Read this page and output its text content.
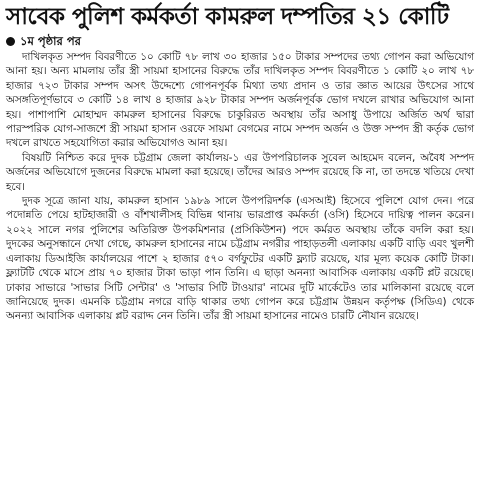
সাবেক পুলিশ কর্মকর্তা কামরুল দম্পতির ২১ কোটি
১ম পৃষ্ঠার পর

দাখিলকৃত সম্পদ বিবরণীতে ১০ কোটি ৭৮ লাখ ৩০ হাজার ১৫০ টাকার সম্পদের তথ্য গোপন করা অভিযোগ আনা হয়। অন্য মামলায় তাঁর স্ত্রী সায়মা হাসানের বিরুদ্ধে তাঁর দাখিলকৃত সম্পদ বিবরণীতে ১ কোটি ২০ লাখ ৭৮ হাজার ৭২৩ টাকার সম্পদ অসৎ উদ্দেশ্যে গোপনপূর্বক মিথ্যা তথ্য প্রদান ও তার জ্ঞাত আয়ের উৎসের সাথে অসঙ্গতিপূর্ণভাবে ৩ কোটি ১৪ লাখ ৪ হাজার ৯২৮ টাকার সম্পদ অর্জনপূর্বক ভোগ দখলে রাখার অভিযোগ আনা হয়। পাশাপাশি মোহাম্মদ কামরুল হাসানের বিরুদ্ধে চাকুরিরত অবস্থায় তাঁর অসাধু উপায়ে অর্জিত অর্থ দ্বারা পারস্পরিক যোগ-সাজশে স্ত্রী সায়মা হাসান ওরফে সায়মা বেগমের নামে সম্পদ অর্জন ও উক্ত সম্পদ স্ত্রী কর্তৃক ভোগ দখলে রাখতে সহযোগিতা করার অভিযোগও আনা হয়।

বিষয়টি নিশ্চিত করে দুদক চট্টগ্রাম জেলা কার্যালয়-১ এর উপপরিচালক সুবেল আহমেদ বলেন, অবৈধ সম্পদ অর্জনের অভিযোগে দুজনের বিরুদ্ধে মামলা করা হয়েছে। তাঁদের আরও সম্পদ রয়েছে কি না, তা তদন্তে খতিয়ে দেখা হবে।

দুদক সূত্রে জানা যায়, কামরুল হাসান ১৯৮৯ সালে উপপরিদর্শক (এসআই) হিসেবে পুলিশে যোগ দেন। পরে পদোন্নতি পেয়ে হাটহাজারী ও বাঁশখালীসহ বিভিন্ন থানায় ভারপ্রাপ্ত কর্মকর্তা (ওসি) হিসেবে দায়িত্ব পালন করেন। ২০২২ সালে নগর পুলিশের অতিরিক্ত উপকমিশনার (প্রসিকিউশন) পদে কর্মরত অবস্থায় তাঁকে বদলি করা হয়। দুদকের অনুসন্ধানে দেখা গেছে, কামরুল হাসানের নামে চট্টগ্রাম নগরীর পাহাড়তলী এলাকায় একটি বাড়ি এবং খুলশী এলাকায় ডিআইজি কার্যালয়ের পাশে ২ হাজার ৫৭০ বর্গফুটের একটি ফ্ল্যাট রয়েছে, যার মূল্য কয়েক কোটি টাকা। ফ্ল্যাটটি থেকে মাসে প্রায় ৭০ হাজার টাকা ভাড়া পান তিনি। এ ছাড়া অনন্যা আবাসিক এলাকায় একটি প্লট রয়েছে। ঢাকার সাভারে 'সাভার সিটি সেন্টার' ও 'সাভার সিটি টাওয়ার' নামের দুটি মার্কেটেও তার মালিকানা রয়েছে বলে জানিয়েছে দুদক। এমনকি চট্টগ্রাম নগরে বাড়ি থাকার তথ্য গোপন করে চট্টগ্রাম উন্নয়ন কর্তৃপক্ষ (সিডিএ) থেকে অনন্যা আবাসিক এলাকায় প্লট বরাদ্দ নেন তিনি। তাঁর স্ত্রী সায়মা হাসানের নামেও চারটি নৌযান রয়েছে।
